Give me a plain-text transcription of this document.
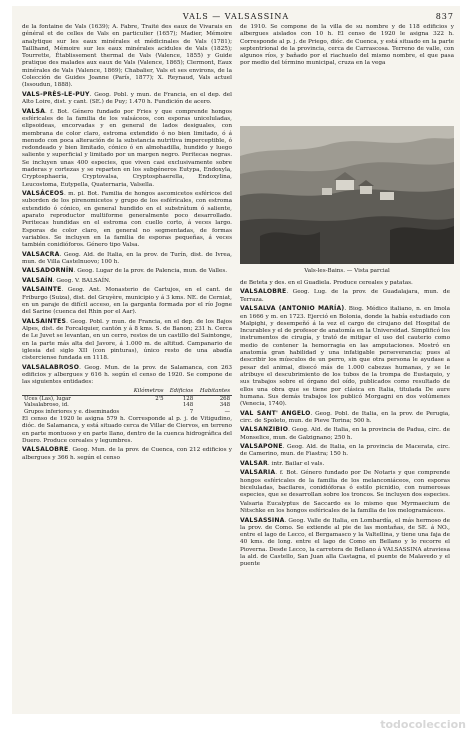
VALS — VALSASSINA	837

de la fontaine de Vals (1639); A. Fabre, Traité des eaux de Vivarais en général et de celles de Vals en particulier (1657); Madier, Mémoire analytique sur les eaux minérales et médicinales de Vals (1781); Taillhand, Mémoire sur les eaux minérales acidules de Vals (1825); Tourrette, Établissement thermal de Vals (Valence, 1855) y Guide pratique des malades aux eaux de Vals (Valence, 1865); Clermont, Eaux minérales de Vals (Valence, 1869); Chabalier, Vals et ses environs, de la Colección de Guides Joanne (París, 1877); X. Reynaud, Vals actuel (Issoudun, 1888).

VALS-PRÈS-LE-PUY. Geog. Pobl. y mun. de Francia, en el dep. del Alto Loire, dist. y cant. (SE.) de Puy; 1.470 h. Fundición de acero.

VALSA. f. Bot. Género fundado por Fries y que comprende hongos esféricales de la familia de los valsáceos, con esporas uniceluladas, elipsoideas, encorvadas y en general de lados desiguales, con membrana de color claro, estroma extendido ó no bien limitado, ó á menudo con poca alteración de la substancia nutritiva imperceptible, ó redondeado y bien limitado, cónico ó en almohadilla, hundido y luego saliente y superficial y limitado por un margen negro. Peritecas negras. Se incluyen unas 400 especies, que viven casi exclusivamente sobre maderas y cortezas y se reparten en los subgéneros Eutypa, Endoxyla, Cryptosphaeria, Cryptovalsa, Cryptosphaerella, Endoxylina, Leucostoma, Eutypella, Quaternaria, Valsella.

VALSÁCEOS. m. pl. Bot. Familia de hongos ascomicetos esféricos del suborden de los pirenomicetos y grupo de los esféricales, con estroma extendido ó cónico, en general hundido en el substrátum ó saliente, aparato reproductor multiforme generalmente poco desarrollado. Peritecas hundidas en el estroma con cuello corto, á veces largo. Esporas de color claro, en general no segmentadas, de formas variables. Se incluyen en la familia de esporas pequeñas, á veces también conidióforos. Género tipo Valsa.

VALSACRA. Geog. Ald. de Italia, en la prov. de Turín, dist. de Ivrea, mun. de Villa Castelnuovo; 100 h.

VALSADORNÍN. Geog. Lugar de la prov. de Palencia, mun. de Valles.

VALSAÍN. Geog. V. BALSAÍN.

VALSAINTE. Geog. Ant. Monasterio de Cartujos, en el cant. de Friburgo (Suiza), dist. del Gruyère, municipio y á 3 kms. NE. de Cerniat, en un paraje de difícil acceso, en la garganta formada por el río Jogne del Sarine (cuenca del Rhin por el Aar).

VALSAINTES. Geog. Pobl. y mun. de Francia, en el dep. de los Bajos Alpes, dist. de Forcalquier, cantón y á 8 kms. S. de Banon; 231 h. Cerca de Le Juvet se levantan, en un cerro, restos de un castillo del Saintonge, en la parte más alta del Javore, á 1.000 m. de altitud. Campanario de iglesia del siglo XII (con pinturas), único resto de una abadía cisterciense fundada en 1118.

VALSALABROSO. Geog. Mun. de la prov. de Salamanca, con 263 edificios y albergues y 616 h. según el censo de 1920. Se compone de las siguientes entidades:

	Kilómetros	Edificios	Habitantes
Uces (Las), lugar	2'5	128	268
Valsalabroso, id.		148	348
Grupos inferiores y e. diseminados		7	—

El censo de 1920 le asigna 579 h. Corresponde al p. j. de Vitigudino, dióc. de Salamanca, y está situado cerca de Villar de Ciervos, en terreno en parte montuoso y en parte llano, dentro de la cuenca hidrográfica del Duero. Produce cereales y legumbres.

VALSALOBRE. Geog. Mun. de la prov. de Cuenca, con 212 edificios y albergues y 366 h. según el censo

de 1910. Se compone de la villa de su nombre y de 118 edificios y albergues aislados con 10 h. El censo de 1920 le asigna 322 h. Corresponde al p. j. de Priego, dióc. de Cuenca, y está situado en la parte septentrional de la provincia, cerca de Carrascosa. Terreno de valle, con algunos ríos, y bañado por el riachuelo del mismo nombre, el que pasa por medio del término municipal, cruza en la vega

Vals-les-Bains. — Vista parcial

de Beteta y des. en el Guadiela. Produce cereales y patatas.

VALSALOBRE. Geog. Lug. de la prov. de Guadalajara, mun. de Terraza.

VALSALVA (ANTONIO MARÍA). Biog. Médico italiano, n. en Imola en 1666 y m. en 1723. Ejerció en Bolonia, donde la había estudiado con Malpighi, y desempeñó á la vez el cargo de cirujano del Hospital de Incurables y el de profesor de anatomía en la Universidad. Simplificó los instrumentos de cirugía, y trató de mitigar el uso del cauterio como medio de contener la hemorragia en las amputaciones. Mostró en anatomía gran habilidad y una infatigable perseverancia; pues al describir los músculos de un perro, sin que otra persona le ayudase a pesar del animal, disecó más de 1.000 cabezas humanas, y se le atribuye el descubrimiento de los tubos de la trompa de Eustaquio, y sus trabajos sobre el órgano del oído, publicados como resultado de ellos una obra que se tiene por clásica en Italia, titulada De aure humana. Sus demás trabajos los publicó Morgagni en dos volúmenes (Venecia, 1740).

VAL SANT' ANGELO. Geog. Pobl. de Italia, en la prov. de Perugia, circ. de Spoleto, mun. de Pieve Torina; 500 h.

VALSANZIBIO. Geog. Ald. de Italia, en la provincia de Padua, circ. de Monselice, mun. de Galzignano; 250 h.

VALSAPONE. Geog. Ald. de Italia, en la provincia de Macerata, circ. de Camerino, mun. de Fiastra; 150 h.

VALSAR. intr. Bailar el vals.

VALSARIA. f. Bot. Género fundado por De Notaris y que comprende hongos esféricales de la familia de los melanconiáceos, con esporas biceluladas, bacilares, conidióforas ó estilo picnidio, con numerosas especies, que se desarrollan sobre los troncos. Se incluyen dos especies.

Valsaria Eucalyptus de Saccardo es lo mismo que Myrmaecium de Nitschke en los hongos esféricales de la familia de los melogramáceos.

VALSASSINA. Geog. Valle de Italia, en Lombardía, el más hermoso de la prov. de Como. Se extiende al pie de las montañas, de SE. á NO., entre el lago de Lecco, el Bergamasco y la Valtellina, y tiene una faja de 40 kms. de long. entre el lago de Como en Bellano y lo recorre el Pioverna. Desde Lecco, la carretera de Bellano á VALSASSINA atraviesa la ald. de Castello, San Juan alla Castagna, el puente de Malavedo y el puente

todocoleccion
